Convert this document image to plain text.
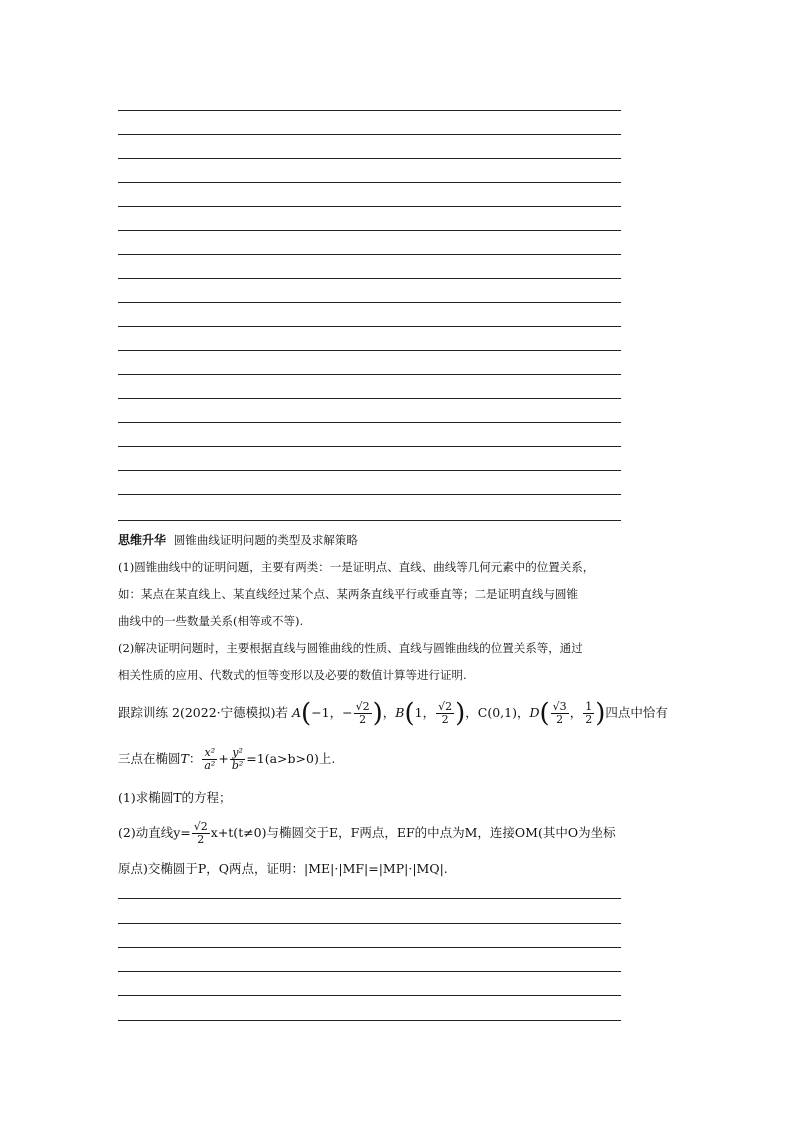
思维升华 圆锥曲线证明问题的类型及求解策略
(1)圆锥曲线中的证明问题，主要有两类：一是证明点、直线、曲线等几何元素中的位置关系，
如：某点在某直线上、某直线经过某个点、某两条直线平行或垂直等；二是证明直线与圆锥
曲线中的一些数量关系(相等或不等).
(2)解决证明问题时，主要根据直线与圆锥曲线的性质、直线与圆锥曲线的位置关系等，通过
相关性质的应用、代数式的恒等变形以及必要的数值计算等进行证明.
跟踪训练 2(2022·宁德模拟)若 A(−1，− $\frac{√2}{2}$ )，B(1， $\frac{√2}{2}$ )，C(0,1)，$D( \frac{√3}{2}$ ， $\frac{1}{2}$ )四点中恰有
三点在椭圆T： $\frac{\text{x²}}{\text{a²}} + \frac{\text{y²}}{\text{b²}} =1(a>b>0)$上.
(1)求椭圆T的方程；
(2)动直线$y= \frac{√2}{2} x+t(t\ne 0)$与椭圆交于E，F两点，EF的中点为M，连接OM(其中O为坐标
原点)交椭圆于P，Q两点，证明：|ME|·|MF|=|MP|·|MQ|.
